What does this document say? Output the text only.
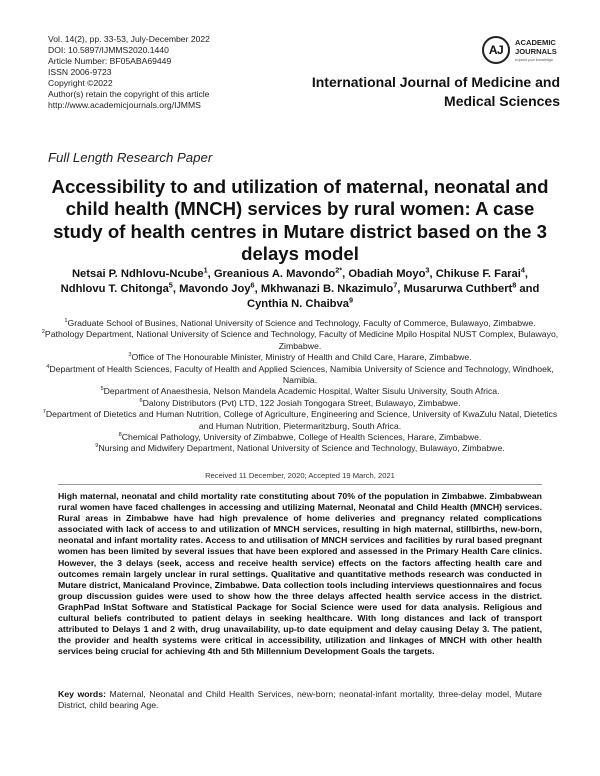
Vol. 14(2), pp. 33-53, July-December 2022
DOI: 10.5897/IJMMS2020.1440
Article Number: BF05ABA69449
ISSN 2006-9723
Copyright ©2022
Author(s) retain the copyright of this article
http://www.academicjournals.org/IJMMS
AJ
ACADEMIC
JOURNALS
expand your knowledge
International Journal of Medicine and Medical Sciences
Full Length Research Paper
Accessibility to and utilization of maternal, neonatal and child health (MNCH) services by rural women: A case study of health centres in Mutare district based on the 3 delays model
Netsai P. Ndhlovu-Ncube$^1$, Greanious A. Mavondo$^{2*}$, Obadiah Moyo$^3$, Chikuse F. Farai$^4$, Ndhlovu T. Chitonga$^5$, Mavondo Joy$^6$, Mkhwanazi B. Nkazimulo$^7$, Musarurwa Cuthbert$^8$ and Cynthia N. Chaibva$^9$
$^1$Graduate School of Busines, National University of Science and Technology, Faculty of Commerce, Bulawayo, Zimbabwe.
$^2$Pathology Department, National University of Science and Technology, Faculty of Medicine Mpilo Hospital NUST Complex, Bulawayo, Zimbabwe.
$^3$Office of The Honourable Minister, Ministry of Health and Child Care, Harare, Zimbabwe.
$^4$Department of Health Sciences, Faculty of Health and Applied Sciences, Namibia University of Science and Technology, Windhoek, Namibia.
$^5$Department of Anaesthesia, Nelson Mandela Academic Hospital, Walter Sisulu University, South Africa.
$^6$Dalony Distributors (Pvt) LTD, 122 Josiah Tongogara Street, Bulawayo, Zimbabwe.
$^7$Department of Dietetics and Human Nutrition, College of Agriculture, Engineering and Science, University of KwaZulu Natal, Dietetics and Human Nutrition, Pietermaritzburg, South Africa.
$^8$Chemical Pathology, University of Zimbabwe, College of Health Sciences, Harare, Zimbabwe.
$^9$Nursing and Midwifery Department, National University of Science and Technology, Bulawayo, Zimbabwe.
Received 11 December, 2020; Accepted 19 March, 2021
High maternal, neonatal and child mortality rate constituting about 70% of the population in Zimbabwe. Zimbabwean rural women have faced challenges in accessing and utilizing Maternal, Neonatal and Child Health (MNCH) services. Rural areas in Zimbabwe have had high prevalence of home deliveries and pregnancy related complications associated with lack of access to and utilization of MNCH services, resulting in high maternal, stillbirths, new-born, neonatal and infant mortality rates. Access to and utilisation of MNCH services and facilities by rural based pregnant women has been limited by several issues that have been explored and assessed in the Primary Health Care clinics. However, the 3 delays (seek, access and receive health service) effects on the factors affecting health care and outcomes remain largely unclear in rural settings. Qualitative and quantitative methods research was conducted in Mutare district, Manicaland Province, Zimbabwe. Data collection tools including interviews questionnaires and focus group discussion guides were used to show how the three delays affected health service access in the district. GraphPad InStat Software and Statistical Package for Social Science were used for data analysis. Religious and cultural beliefs contributed to patient delays in seeking healthcare. With long distances and lack of transport attributed to Delays 1 and 2 with, drug unavailability, up-to date equipment and delay causing Delay 3. The patient, the provider and health systems were critical in accessibility, utilization and linkages of MNCH with other health services being crucial for achieving 4th and 5th Millennium Development Goals the targets.
Key words: Maternal, Neonatal and Child Health Services, new-born; neonatal-infant mortality, three-delay model, Mutare District, child bearing Age.
